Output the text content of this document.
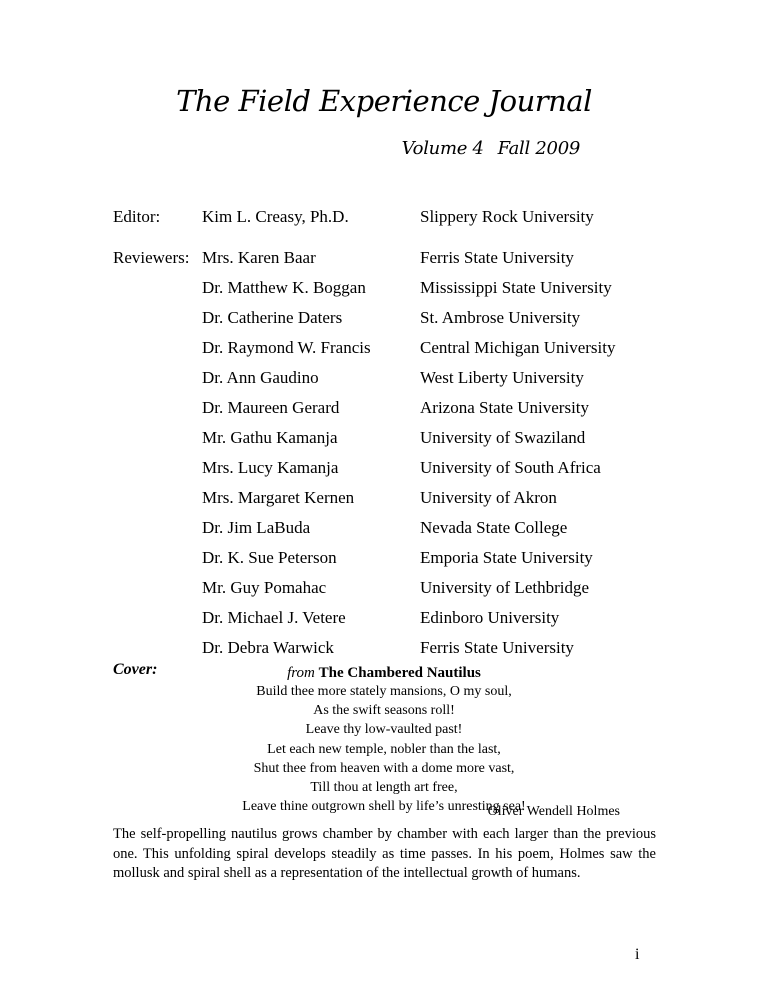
The Field Experience Journal
Volume 4 Fall 2009
Editor: Kim L. Creasy, Ph.D.	Slippery Rock University
Reviewers: Mrs. Karen Baar	Ferris State University
Dr. Matthew K. Boggan	Mississippi State University
Dr. Catherine Daters	St. Ambrose University
Dr. Raymond W. Francis	Central Michigan University
Dr. Ann Gaudino	West Liberty University
Dr. Maureen Gerard	Arizona State University
Mr. Gathu Kamanja	University of Swaziland
Mrs. Lucy Kamanja	University of South Africa
Mrs. Margaret Kernen	University of Akron
Dr. Jim LaBuda	Nevada State College
Dr. K. Sue Peterson	Emporia State University
Mr. Guy Pomahac	University of Lethbridge
Dr. Michael J. Vetere	Edinboro University
Dr. Debra Warwick	Ferris State University
Cover:	from The Chambered Nautilus
Build thee more stately mansions, O my soul,
As the swift seasons roll!
Leave thy low-vaulted past!
Let each new temple, nobler than the last,
Shut thee from heaven with a dome more vast,
Till thou at length art free,
Leave thine outgrown shell by life’s unresting sea!
Oliver Wendell Holmes
The self-propelling nautilus grows chamber by chamber with each larger than the previous one. This unfolding spiral develops steadily as time passes. In his poem, Holmes saw the mollusk and spiral shell as a representation of the intellectual growth of humans.
i
